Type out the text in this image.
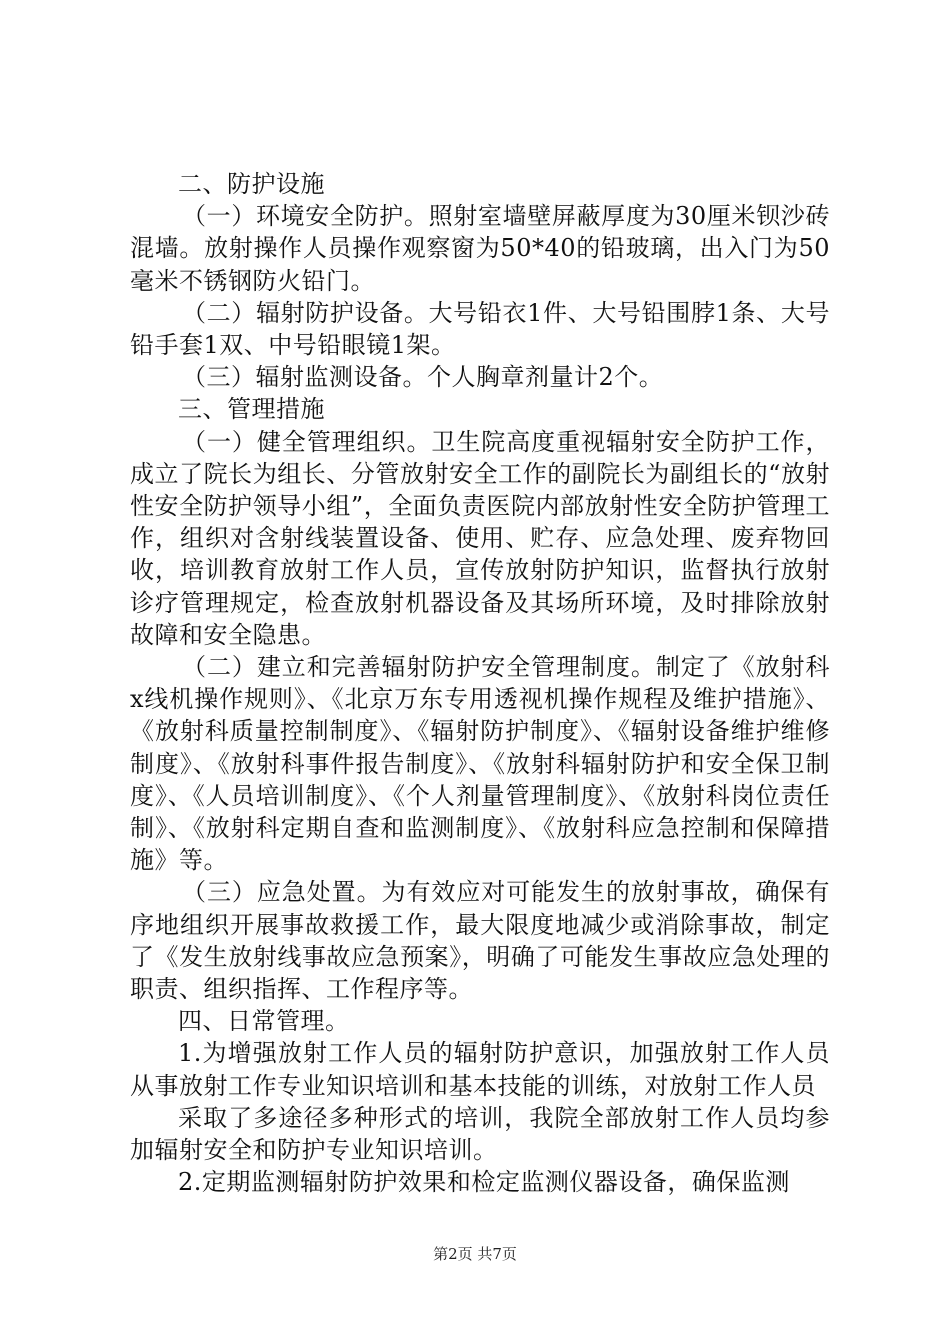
二、防护设施

（一）环境安全防护。照射室墙壁屏蔽厚度为30厘米钡沙砖混墙。放射操作人员操作观察窗为50*40的铅玻璃，出入门为50毫米不锈钢防火铅门。

（二）辐射防护设备。大号铅衣1件、大号铅围脖1条、大号铅手套1双、中号铅眼镜1架。

（三）辐射监测设备。个人胸章剂量计2个。

三、管理措施

（一）健全管理组织。卫生院高度重视辐射安全防护工作，成立了院长为组长、分管放射安全工作的副院长为副组长的“放射性安全防护领导小组”，全面负责医院内部放射性安全防护管理工作，组织对含射线装置设备、使用、贮存、应急处理、废弃物回收，培训教育放射工作人员，宣传放射防护知识，监督执行放射诊疗管理规定，检查放射机器设备及其场所环境，及时排除放射故障和安全隐患。

（二）建立和完善辐射防护安全管理制度。制定了《放射科x线机操作规则》、《北京万东专用透视机操作规程及维护措施》、《放射科质量控制制度》、《辐射防护制度》、《辐射设备维护维修制度》、《放射科事件报告制度》、《放射科辐射防护和安全保卫制度》、《人员培训制度》、《个人剂量管理制度》、《放射科岗位责任制》、《放射科定期自查和监测制度》、《放射科应急控制和保障措施》等。

（三）应急处置。为有效应对可能发生的放射事故，确保有序地组织开展事故救援工作，最大限度地减少或消除事故，制定了《发生放射线事故应急预案》，明确了可能发生事故应急处理的职责、组织指挥、工作程序等。

四、日常管理。

1.为增强放射工作人员的辐射防护意识，加强放射工作人员从事放射工作专业知识培训和基本技能的训练，对放射工作人员

采取了多途径多种形式的培训，我院全部放射工作人员均参加辐射安全和防护专业知识培训。

2.定期监测辐射防护效果和检定监测仪器设备，确保监测

第2页 共7页
